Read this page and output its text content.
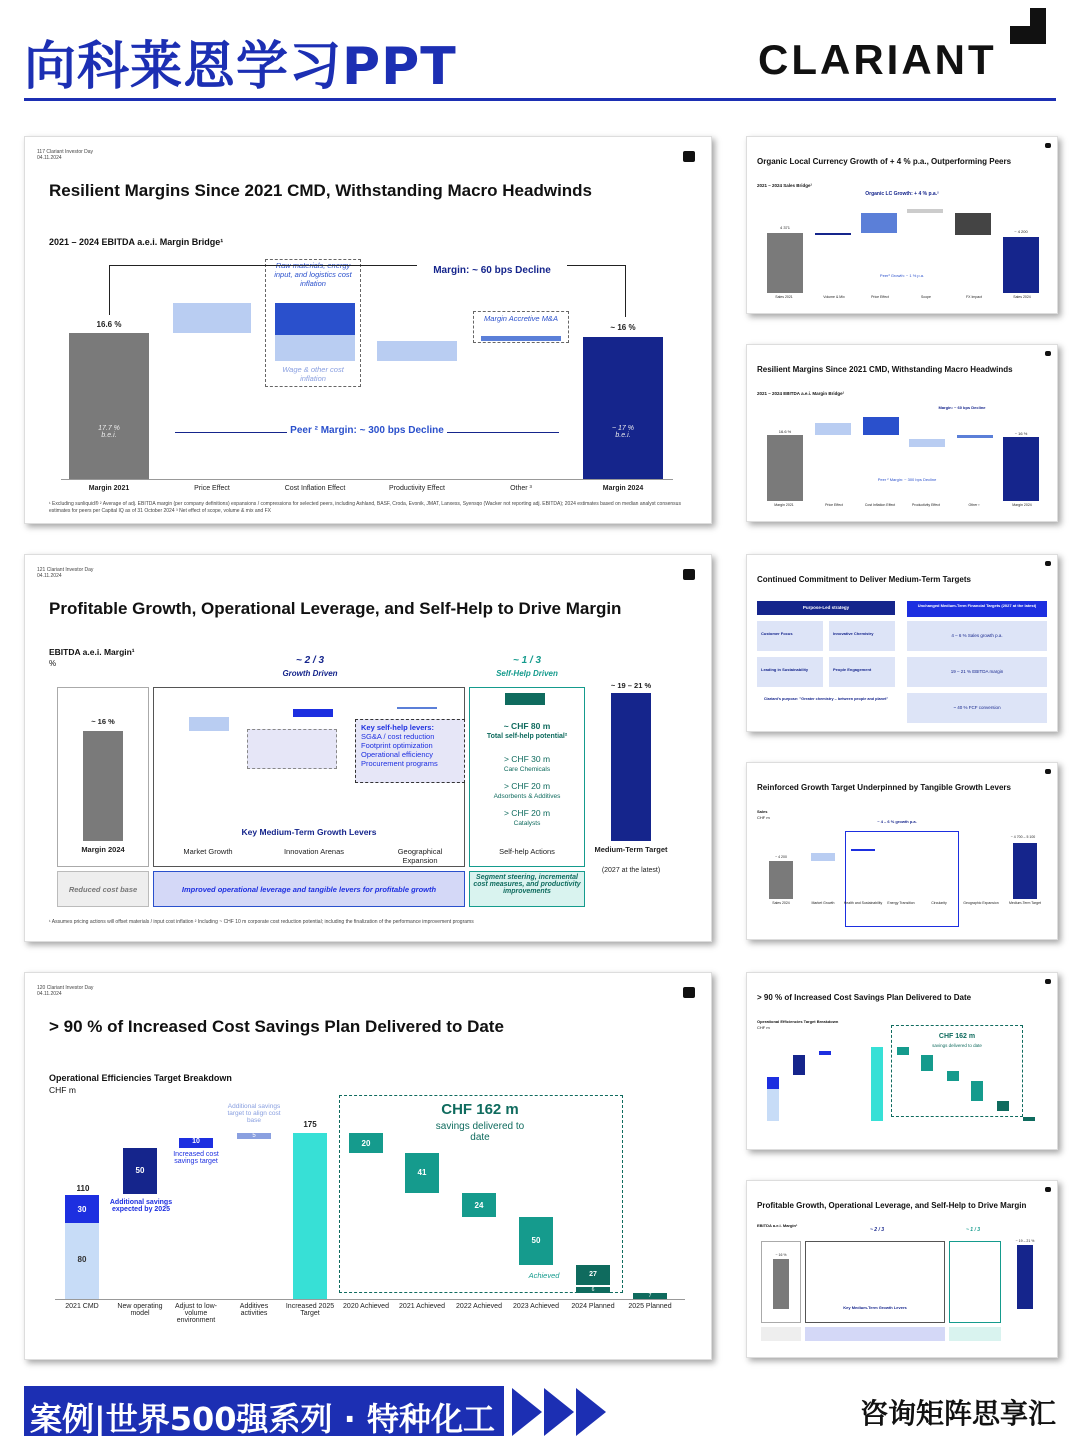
向科莱恩学习PPT	CLARIANT
117 Clariant Investor Day
04.11.2024
Resilient Margins Since 2021 CMD, Withstanding Macro Headwinds
2021 – 2024 EBITDA a.e.i. Margin Bridge¹
16.6 %
17.7 %
b.e.i.
input, and logistics cost inflation
Wage & other cost inflation
Margin Accretive M&A
~ 16 %
~ 17 %
b.e.i.
Margin: ~ 60 bps Decline
Peer ² Margin: ~ 300 bps Decline
Margin 2021	Price Effect	Cost Inflation Effect	Productivity Effect	Other ³	Margin 2024
¹ Excluding sunliquid® ² Average of adj. EBITDA margin (per company definitions) expansions / compressions for selected peers, including Ashland, BASF, Croda, Evonik, JMAT, Lanxess, Syensqo (Wacker not reporting adj. EBITDA); 2024 estimates based on median analyst consensus estimates for peers per Capital IQ as of 31 October 2024 ³ Net effect of scope, volume & mix and FX
121 Clariant Investor Day
04.11.2024
Profitable Growth, Operational Leverage, and Self-Help to Drive Margin
EBITDA a.e.i. Margin¹
%
~ 16 %
Margin 2024
~ 2 / 3
Growth Driven
Key self-help levers:
SG&A / cost reduction
Footprint optimization
Operational efficiency
Procurement programs
Key Medium-Term Growth Levers
Market Growth	Innovation Arenas	Geographical Expansion
~ 1 / 3
Self-Help Driven
~ CHF 80 m
Total self-help potential²
> CHF 30 m
Care Chemicals
> CHF 20 m
Adsorbents & Additives
> CHF 20 m
Catalysts
Self-help Actions
~ 19 – 21 %
Medium-Term Target
(2027 at the latest)
Reduced cost base	Improved operational leverage and tangible levers for profitable growth
Segment steering, incremental cost measures, and productivity improvements
¹ Assumes pricing actions will offset materials / input cost inflation ² Including ~ CHF 10 m corporate cost reduction potential; including the finalization of the performance improvement programs
120 Clariant Investor Day
04.11.2024
> 90 % of Increased Cost Savings Plan Delivered to Date
Operational Efficiencies Target Breakdown
CHF m
110
30
80
50
Additional savings expected by 2025
10
Increased cost savings target
Additional savings target to align cost base
5
175
CHF 162 m
savings delivered to date
20
41
24
50
Achieved	27
6
7
2021 CMD	New operating model
Adjust to low-volume environment
Additives activities
Increased 2025 Target
2020 Achieved 2021 Achieved 2022 Achieved 2023 Achieved	2024 Planned	2025 Planned
Organic Local Currency Growth of + 4 % p.a., Outperforming Peers
2021 – 2024 Sales Bridge¹
Organic LC Growth: + 4 % p.a.²
4 371
~ 4 200
Peer³ Growth: ~ 1 % p.a.
Sales 2021	Volume & Mix	Price Effect	Scope	FX Impact	Sales 2024
Resilient Margins Since 2021 CMD, Withstanding Macro Headwinds
2021 – 2024 EBITDA a.e.i. Margin Bridge¹
16.6 %	~ 16 %
Margin: ~ 60 bps Decline
Peer ² Margin: ~ 300 bps Decline
Margin 2021	Price Effect	Cost Inflation Effect	Productivity Effect	Other ³	Margin 2024
Continued Commitment to Deliver Medium-Term Targets
Purpose-Led strategy	Unchanged Medium-Term Financial Targets (2027 at the latest)
Customer Focus	Innovative Chemistry
Leading in Sustainability	People Engagement
4 – 6 % Sales growth p.a.
19 – 21 % EBITDA margin
~ 40 % FCF conversion
Clariant's purpose: "Greater chemistry – between people and planet"
Reinforced Growth Target Underpinned by Tangible Growth Levers
Sales
CHF m
~ 4 – 6 % growth p.a.
~ 4 200
~ 4 700 – 5 100
Sales 2024	Market Growth	Health and Sustainability	Energy Transition	Circularity	Geographic Expansion	Medium-Term Target
> 90 % of Increased Cost Savings Plan Delivered to Date
Operational Efficiencies Target Breakdown
CHF m
CHF 162 m
savings delivered to date
Profitable Growth, Operational Leverage, and Self-Help to Drive Margin
EBITDA a.e.i. Margin¹
~ 2 / 3	~ 1 / 3
~ 16 %
Key Medium-Term Growth Levers
~ 19 – 21 %
案例|世界500强系列 · 特种化工	咨询矩阵思享汇
